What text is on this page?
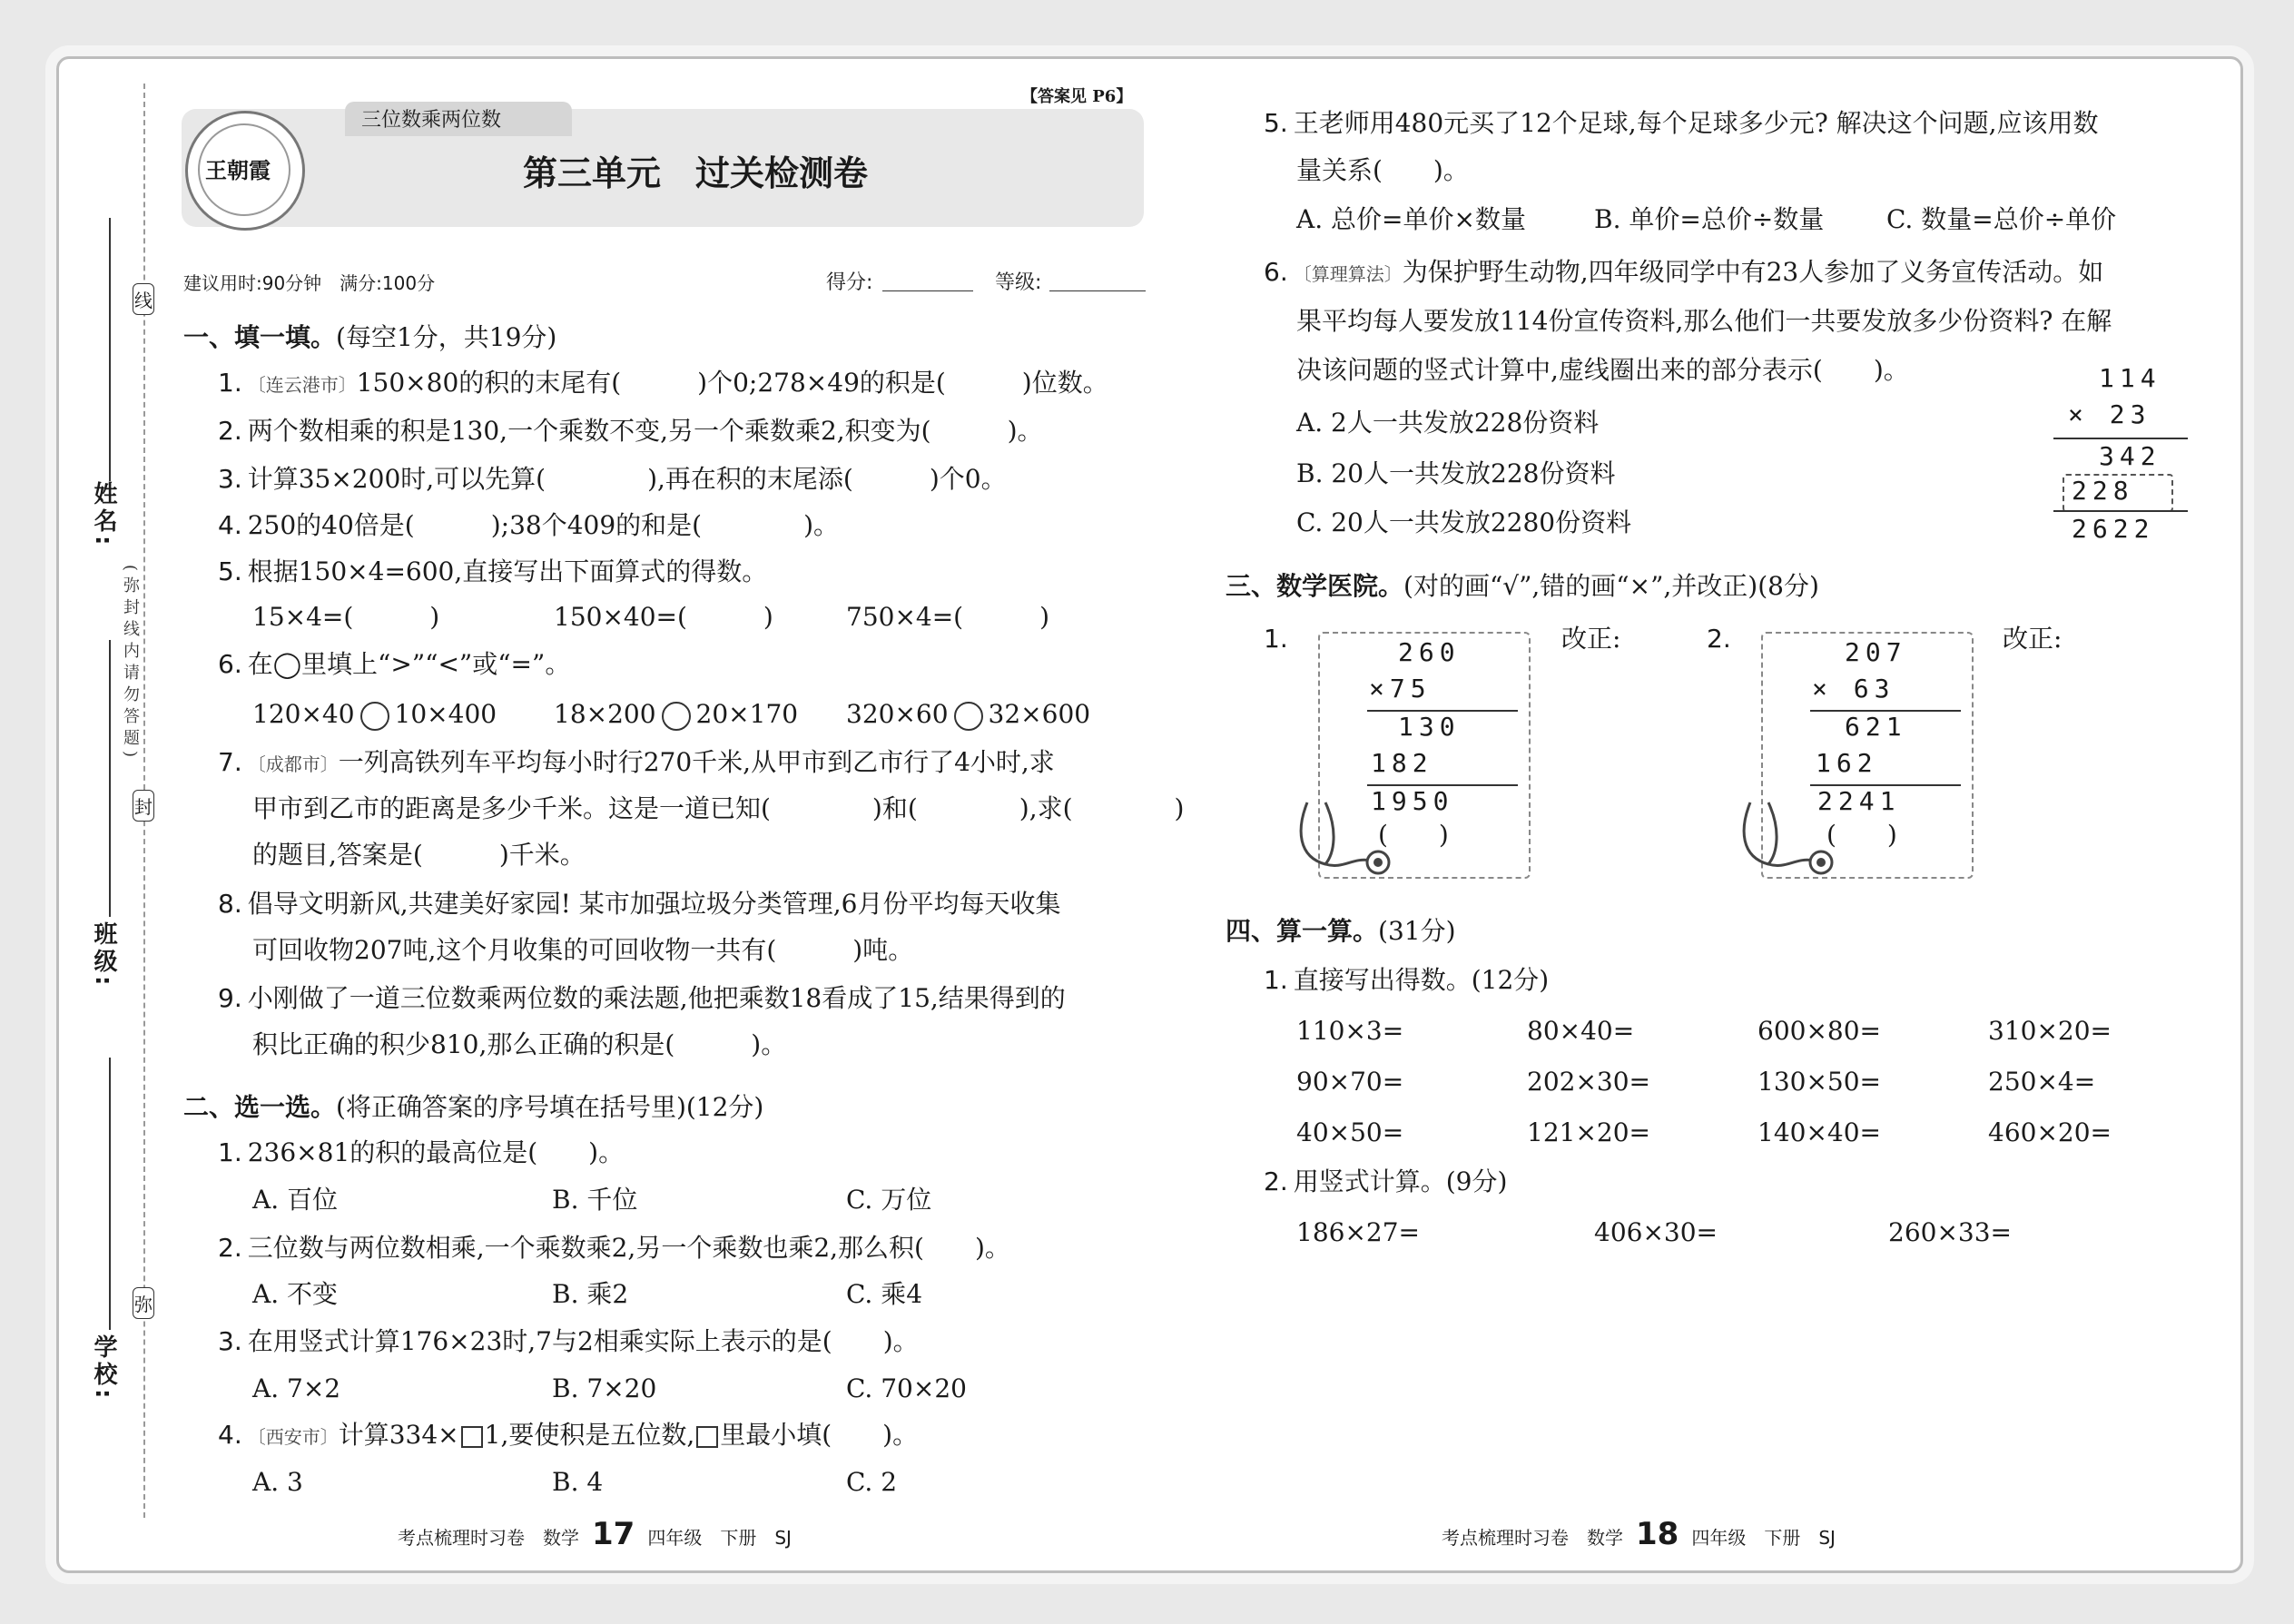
线
封
弥
(弥封线内请勿答题)
姓名:
班级:
学校:
三位数乘两位数
【答案见 P6】
王朝霞	第三单元　过关检测卷
建议用时:90分钟　满分:100分	得分:	等级:
一、填一填。(每空1分，共19分)
1. 〔连云港市〕150×80的积的末尾有(　　　)个0;278×49的积是(　　　)位数。
2. 两个数相乘的积是130,一个乘数不变,另一个乘数乘2,积变为(　　　)。
3. 计算35×200时,可以先算(　　　　),再在积的末尾添(　　　)个0。
4. 250的40倍是(　　　);38个409的和是(　　　　)。
5. 根据150×4=600,直接写出下面算式的得数。
15×4=(　　　)	150×40=(　　　)	750×4=(　　　)
6. 在◯里填上“>”“<”或“=”。
120×40 10×400 18×200 20×170 320×60 32×600
7. 〔成都市〕一列高铁列车平均每小时行270千米,从甲市到乙市行了4小时,求
甲市到乙市的距离是多少千米。这是一道已知(　　　　)和(　　　　),求(　　　　)
的题目,答案是(　　　)千米。
8. 倡导文明新风,共建美好家园! 某市加强垃圾分类管理,6月份平均每天收集
可回收物207吨,这个月收集的可回收物一共有(　　　)吨。
9. 小刚做了一道三位数乘两位数的乘法题,他把乘数18看成了15,结果得到的
积比正确的积少810,那么正确的积是(　　　)。
二、选一选。(将正确答案的序号填在括号里)(12分)
1. 236×81的积的最高位是(　　)。
A. 百位	B. 千位	C. 万位
2. 三位数与两位数相乘,一个乘数乘2,另一个乘数也乘2,那么积(　　)。
A. 不变	B. 乘2	C. 乘4
3. 在用竖式计算176×23时,7与2相乘实际上表示的是(　　)。
A. 7×2	B. 7×20	C. 70×20
4. 〔西安市〕计算334× 1,要使积是五位数, 里最小填(　　)。
A. 3	B. 4	C. 2
考点梳理时习卷　数学 17 四年级　下册　SJ
5. 王老师用480元买了12个足球,每个足球多少元? 解决这个问题,应该用数
量关系(　　)。
A. 总价=单价×数量	B. 单价=总价÷数量 C. 数量=总价÷单价
6. 〔算理算法〕为保护野生动物,四年级同学中有23人参加了义务宣传活动。如
果平均每人要发放114份宣传资料,那么他们一共要发放多少份资料? 在解
决该问题的竖式计算中,虚线圈出来的部分表示(　　)。
A. 2人一共发放228份资料
B. 20人一共发放228份资料
C. 20人一共发放2280份资料
114
× 23
342
228
2622
三、数学医院。(对的画“√”,错的画“×”,并改正)(8分)
1.	260
×75
130
182
1950
(　　)
改正:	2.	207
× 63
621
162
2241
(　　)
改正:
四、算一算。(31分)
1. 直接写出得数。(12分)
110×3=	80×40=	600×80=	310×20=
90×70=	202×30=	130×50=	250×4=
40×50=	121×20=	140×40=	460×20=
2. 用竖式计算。(9分)
186×27=	406×30=	260×33=
考点梳理时习卷　数学 18 四年级　下册　SJ
